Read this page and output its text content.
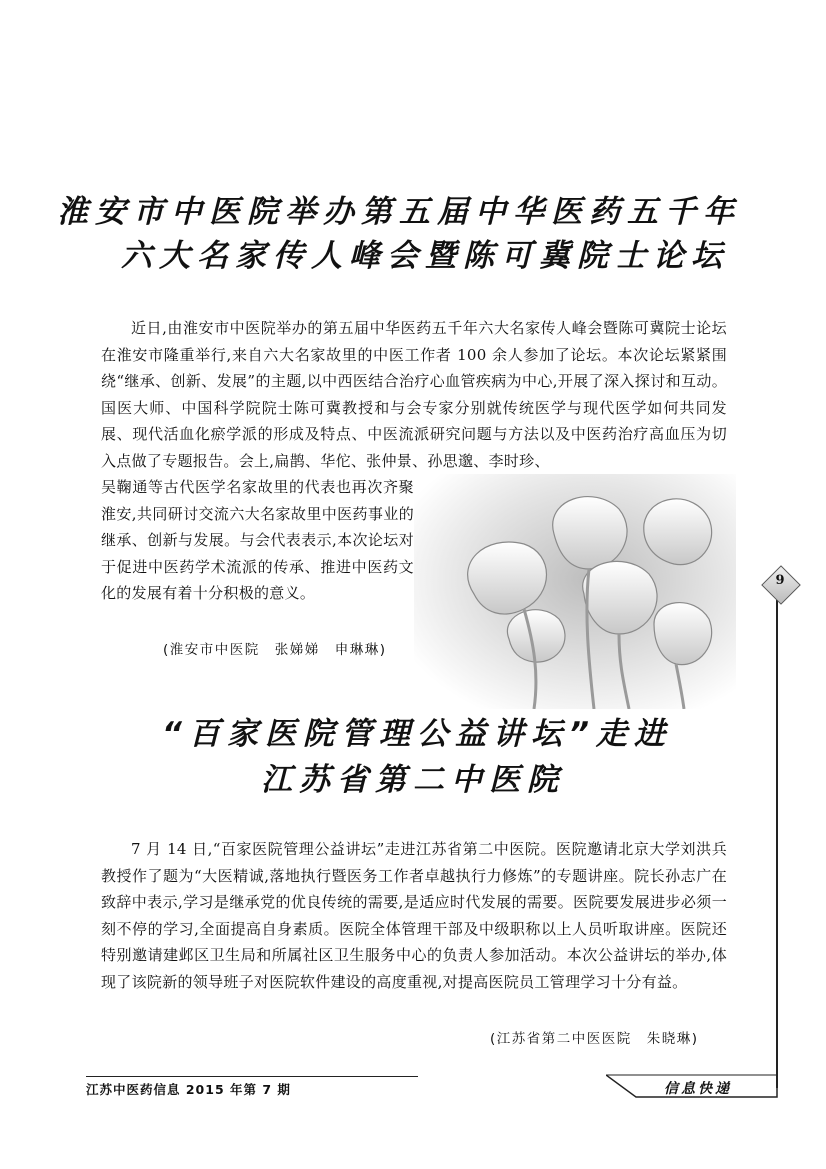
淮安市中医院举办第五届中华医药五千年
六大名家传人峰会暨陈可冀院士论坛

近日,由淮安市中医院举办的第五届中华医药五千年六大名家传人峰会暨陈可冀院士论坛在淮安市隆重举行,来自六大名家故里的中医工作者 100 余人参加了论坛。本次论坛紧紧围绕“继承、创新、发展”的主题,以中西医结合治疗心血管疾病为中心,开展了深入探讨和互动。国医大师、中国科学院院士陈可冀教授和与会专家分别就传统医学与现代医学如何共同发展、现代活血化瘀学派的形成及特点、中医流派研究问题与方法以及中医药治疗高血压为切入点做了专题报告。会上,扁鹊、华佗、张仲景、孙思邈、李时珍、

吴鞠通等古代医学名家故里的代表也再次齐聚淮安,共同研讨交流六大名家故里中医药事业的继承、创新与发展。与会代表表示,本次论坛对于促进中医药学术流派的传承、推进中医药文化的发展有着十分积极的意义。

(淮安市中医院　张娣娣　申琳琳)
“百家医院管理公益讲坛”走进
江苏省第二中医院

7 月 14 日,“百家医院管理公益讲坛”走进江苏省第二中医院。医院邀请北京大学刘洪兵教授作了题为“大医精诚,落地执行暨医务工作者卓越执行力修炼”的专题讲座。院长孙志广在致辞中表示,学习是继承党的优良传统的需要,是适应时代发展的需要。医院要发展进步必须一刻不停的学习,全面提高自身素质。医院全体管理干部及中级职称以上人员听取讲座。医院还特别邀请建邺区卫生局和所属社区卫生服务中心的负责人参加活动。本次公益讲坛的举办,体现了该院新的领导班子对医院软件建设的高度重视,对提高医院员工管理学习十分有益。

(江苏省第二中医医院　朱晓琳)
9
江苏中医药信息 2015 年第 7 期	信息快递
